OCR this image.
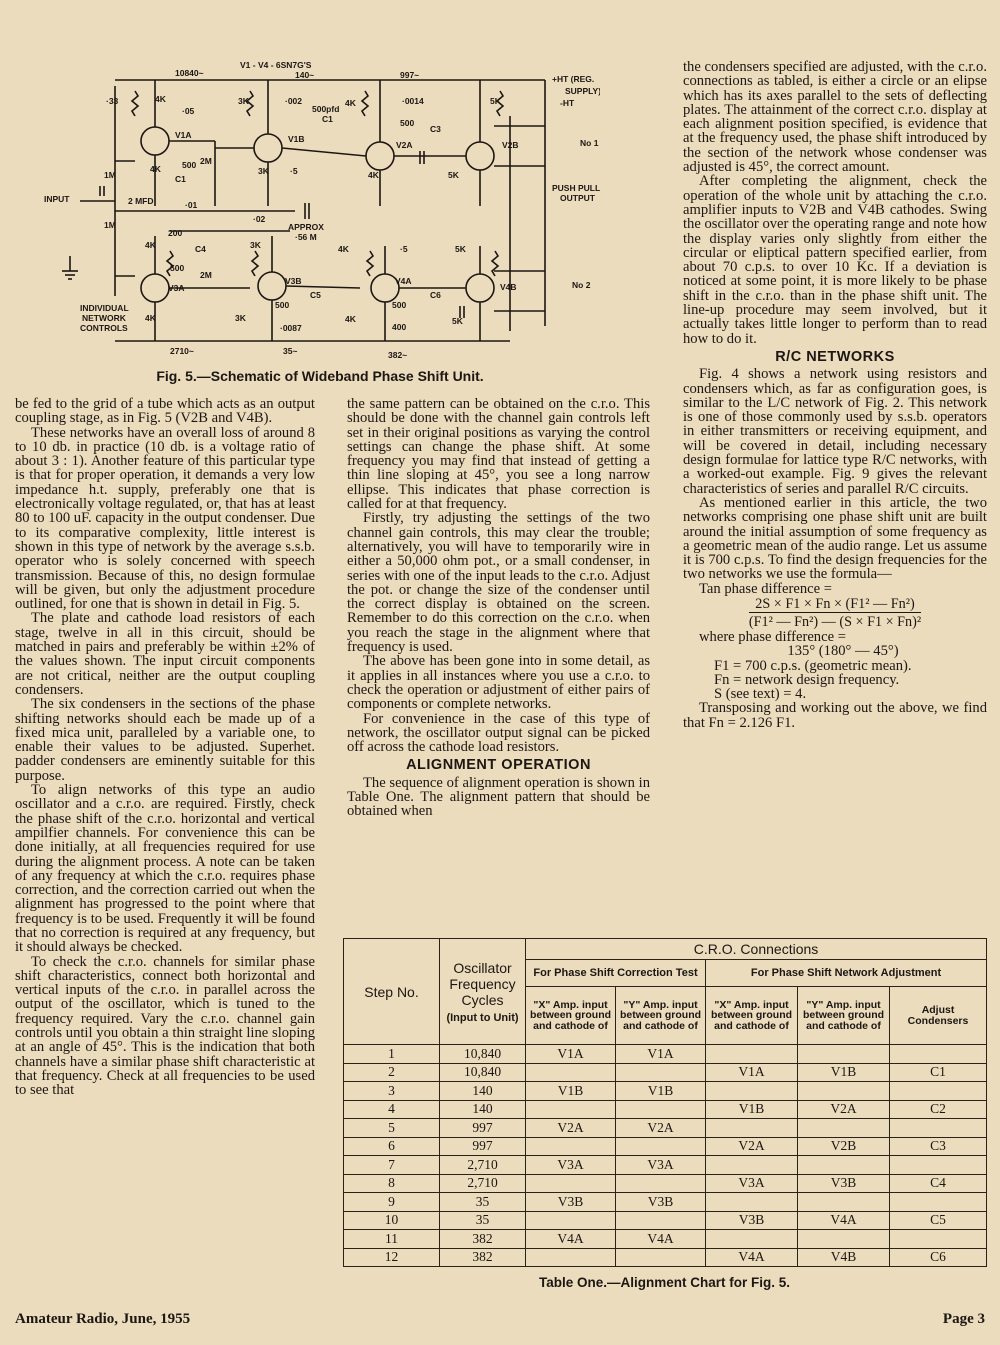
V1 - V4 - 6SN7G'S
10840~	140~	997~	+HT (REG.
SUPPLY)
-HT
·33	4K
·05
V1A
4K
C1
500
3K	·002
500pfd
C1
V1B
3K ·5
4K	·0014
500
C3
V2A
4K
5K
5K
V2B	No 1
PUSH PULL
OUTPUT
INPUT
1M
2M
2 MFD	·01
·02
APPROX
·56 M
1M
200
C4
4K
500
V3A
2M
3K
V3B
500
C5
·0087
3K
4K	·5
V4A
500
C6
400
4K
5K
5K
V4B	No 2
INDIVIDUAL
NETWORK
CONTROLS
4K
2710~	35~	382~
Fig. 5.—Schematic of Wideband Phase Shift Unit.

be fed to the grid of a tube which acts as an output coupling stage, as in Fig. 5 (V2B and V4B).

These networks have an overall loss of around 8 to 10 db. in practice (10 db. is a voltage ratio of about 3 : 1). Another feature of this particular type is that for proper operation, it demands a very low impedance h.t. supply, preferably one that is electronically voltage regulated, or, that has at least 80 to 100 uF. capacity in the output condenser. Due to its comparative complexity, little interest is shown in this type of network by the average s.s.b. operator who is solely concerned with speech transmission. Because of this, no design formulae will be given, but only the adjustment procedure outlined, for one that is shown in detail in Fig. 5.

The plate and cathode load resistors of each stage, twelve in all in this circuit, should be matched in pairs and preferably be within ±2% of the values shown. The input circuit components are not critical, neither are the output coupling condensers.

The six condensers in the sections of the phase shifting networks should each be made up of a fixed mica unit, paralleled by a variable one, to enable their values to be adjusted. Superhet. padder condensers are eminently suitable for this purpose.

To align networks of this type an audio oscillator and a c.r.o. are required. Firstly, check the phase shift of the c.r.o. horizontal and vertical ampilfier channels. For convenience this can be done initially, at all frequencies required for use during the alignment process. A note can be taken of any frequency at which the c.r.o. requires phase correction, and the correction carried out when the alignment has progressed to the point where that frequency is to be used. Frequently it will be found that no correction is required at any frequency, but it should always be checked.

To check the c.r.o. channels for similar phase shift characteristics, connect both horizontal and vertical inputs of the c.r.o. in parallel across the output of the oscillator, which is tuned to the frequency required. Vary the c.r.o. channel gain controls until you obtain a thin straight line sloping at an angle of 45°. This is the indication that both channels have a similar phase shift characteristic at that frequency. Check at all frequencies to be used to see that

the same pattern can be obtained on the c.r.o. This should be done with the channel gain controls left set in their original positions as varying the control settings can change the phase shift. At some frequency you may find that instead of getting a thin line sloping at 45°, you see a long narrow ellipse. This indicates that phase correction is called for at that frequency.

Firstly, try adjusting the settings of the two channel gain controls, this may clear the trouble; alternatively, you will have to temporarily wire in either a 50,000 ohm pot., or a small condenser, in series with one of the input leads to the c.r.o. Adjust the pot. or change the size of the condenser until the correct display is obtained on the screen. Remember to do this correction on the c.r.o. when you reach the stage in the alignment where that frequency is used.

The above has been gone into in some detail, as it applies in all instances where you use a c.r.o. to check the operation or adjustment of either pairs of components or complete networks.

For convenience in the case of this type of network, the oscillator output signal can be picked off across the cathode load resistors.

ALIGNMENT OPERATION

The sequence of alignment operation is shown in Table One. The alignment pattern that should be obtained when

the condensers specified are adjusted, with the c.r.o. connections as tabled, is either a circle or an elipse which has its axes parallel to the sets of deflecting plates. The attainment of the correct c.r.o. display at each alignment position specified, is evidence that at the frequency used, the phase shift introduced by the section of the network whose condenser was adjusted is 45°, the correct amount.

After completing the alignment, check the operation of the whole unit by attaching the c.r.o. amplifier inputs to V2B and V4B cathodes. Swing the oscillator over the operating range and note how the display varies only slightly from either the circular or eliptical pattern specified earlier, from about 70 c.p.s. to over 10 Kc. If a deviation is noticed at some point, it is more likely to be phase shift in the c.r.o. than in the phase shift unit. The line-up procedure may seem involved, but it actually takes little longer to perform than to read how to do it.

R/C NETWORKS

Fig. 4 shows a network using resistors and condensers which, as far as configuration goes, is similar to the L/C network of Fig. 2. This network is one of those commonly used by s.s.b. operators in either transmitters or receiving equipment, and will be covered in detail, including necessary design formulae for lattice type R/C networks, with a worked-out example. Fig. 9 gives the relevant characteristics of series and parallel R/C circuits.

As mentioned earlier in this article, the two networks comprising one phase shift unit are built around the initial assumption of some frequency as a geometric mean of the audio range. Let us assume it is 700 c.p.s. To find the design frequencies for the two networks we use the formula—

Tan phase difference =

2S × F1 × Fn × (F1² — Fn²)
(F1² — Fn²) — (S × F1 × Fn)²

where phase difference =

135° (180° — 45°)

F1 = 700 c.p.s. (geometric mean).

Fn = network design frequency.

S (see text) = 4.

Transposing and working out the above, we find that Fn = 2.126 F1.

Step No.	Oscillator Frequency Cycles
(Input to Unit)	C.R.O. Connections				
		For Phase Shift Correction Test		For Phase Shift Network Adjustment		
		"X" Amp. input between ground and cathode of	"Y" Amp. input between ground and cathode of	"X" Amp. input between ground and cathode of	"Y" Amp. input between ground and cathode of	Adjust Condensers
1	10,840	V1A	V1A			
2	10,840			V1A	V1B	C1
3	140	V1B	V1B			
4	140			V1B	V2A	C2
5	997	V2A	V2A			
6	997			V2A	V2B	C3
7	2,710	V3A	V3A			
8	2,710			V3A	V3B	C4
9	35	V3B	V3B			
10	35			V3B	V4A	C5
11	382	V4A	V4A			
12	382			V4A	V4B	C6
Table One.—Alignment Chart for Fig. 5.
Amateur Radio, June, 1955	Page 3
